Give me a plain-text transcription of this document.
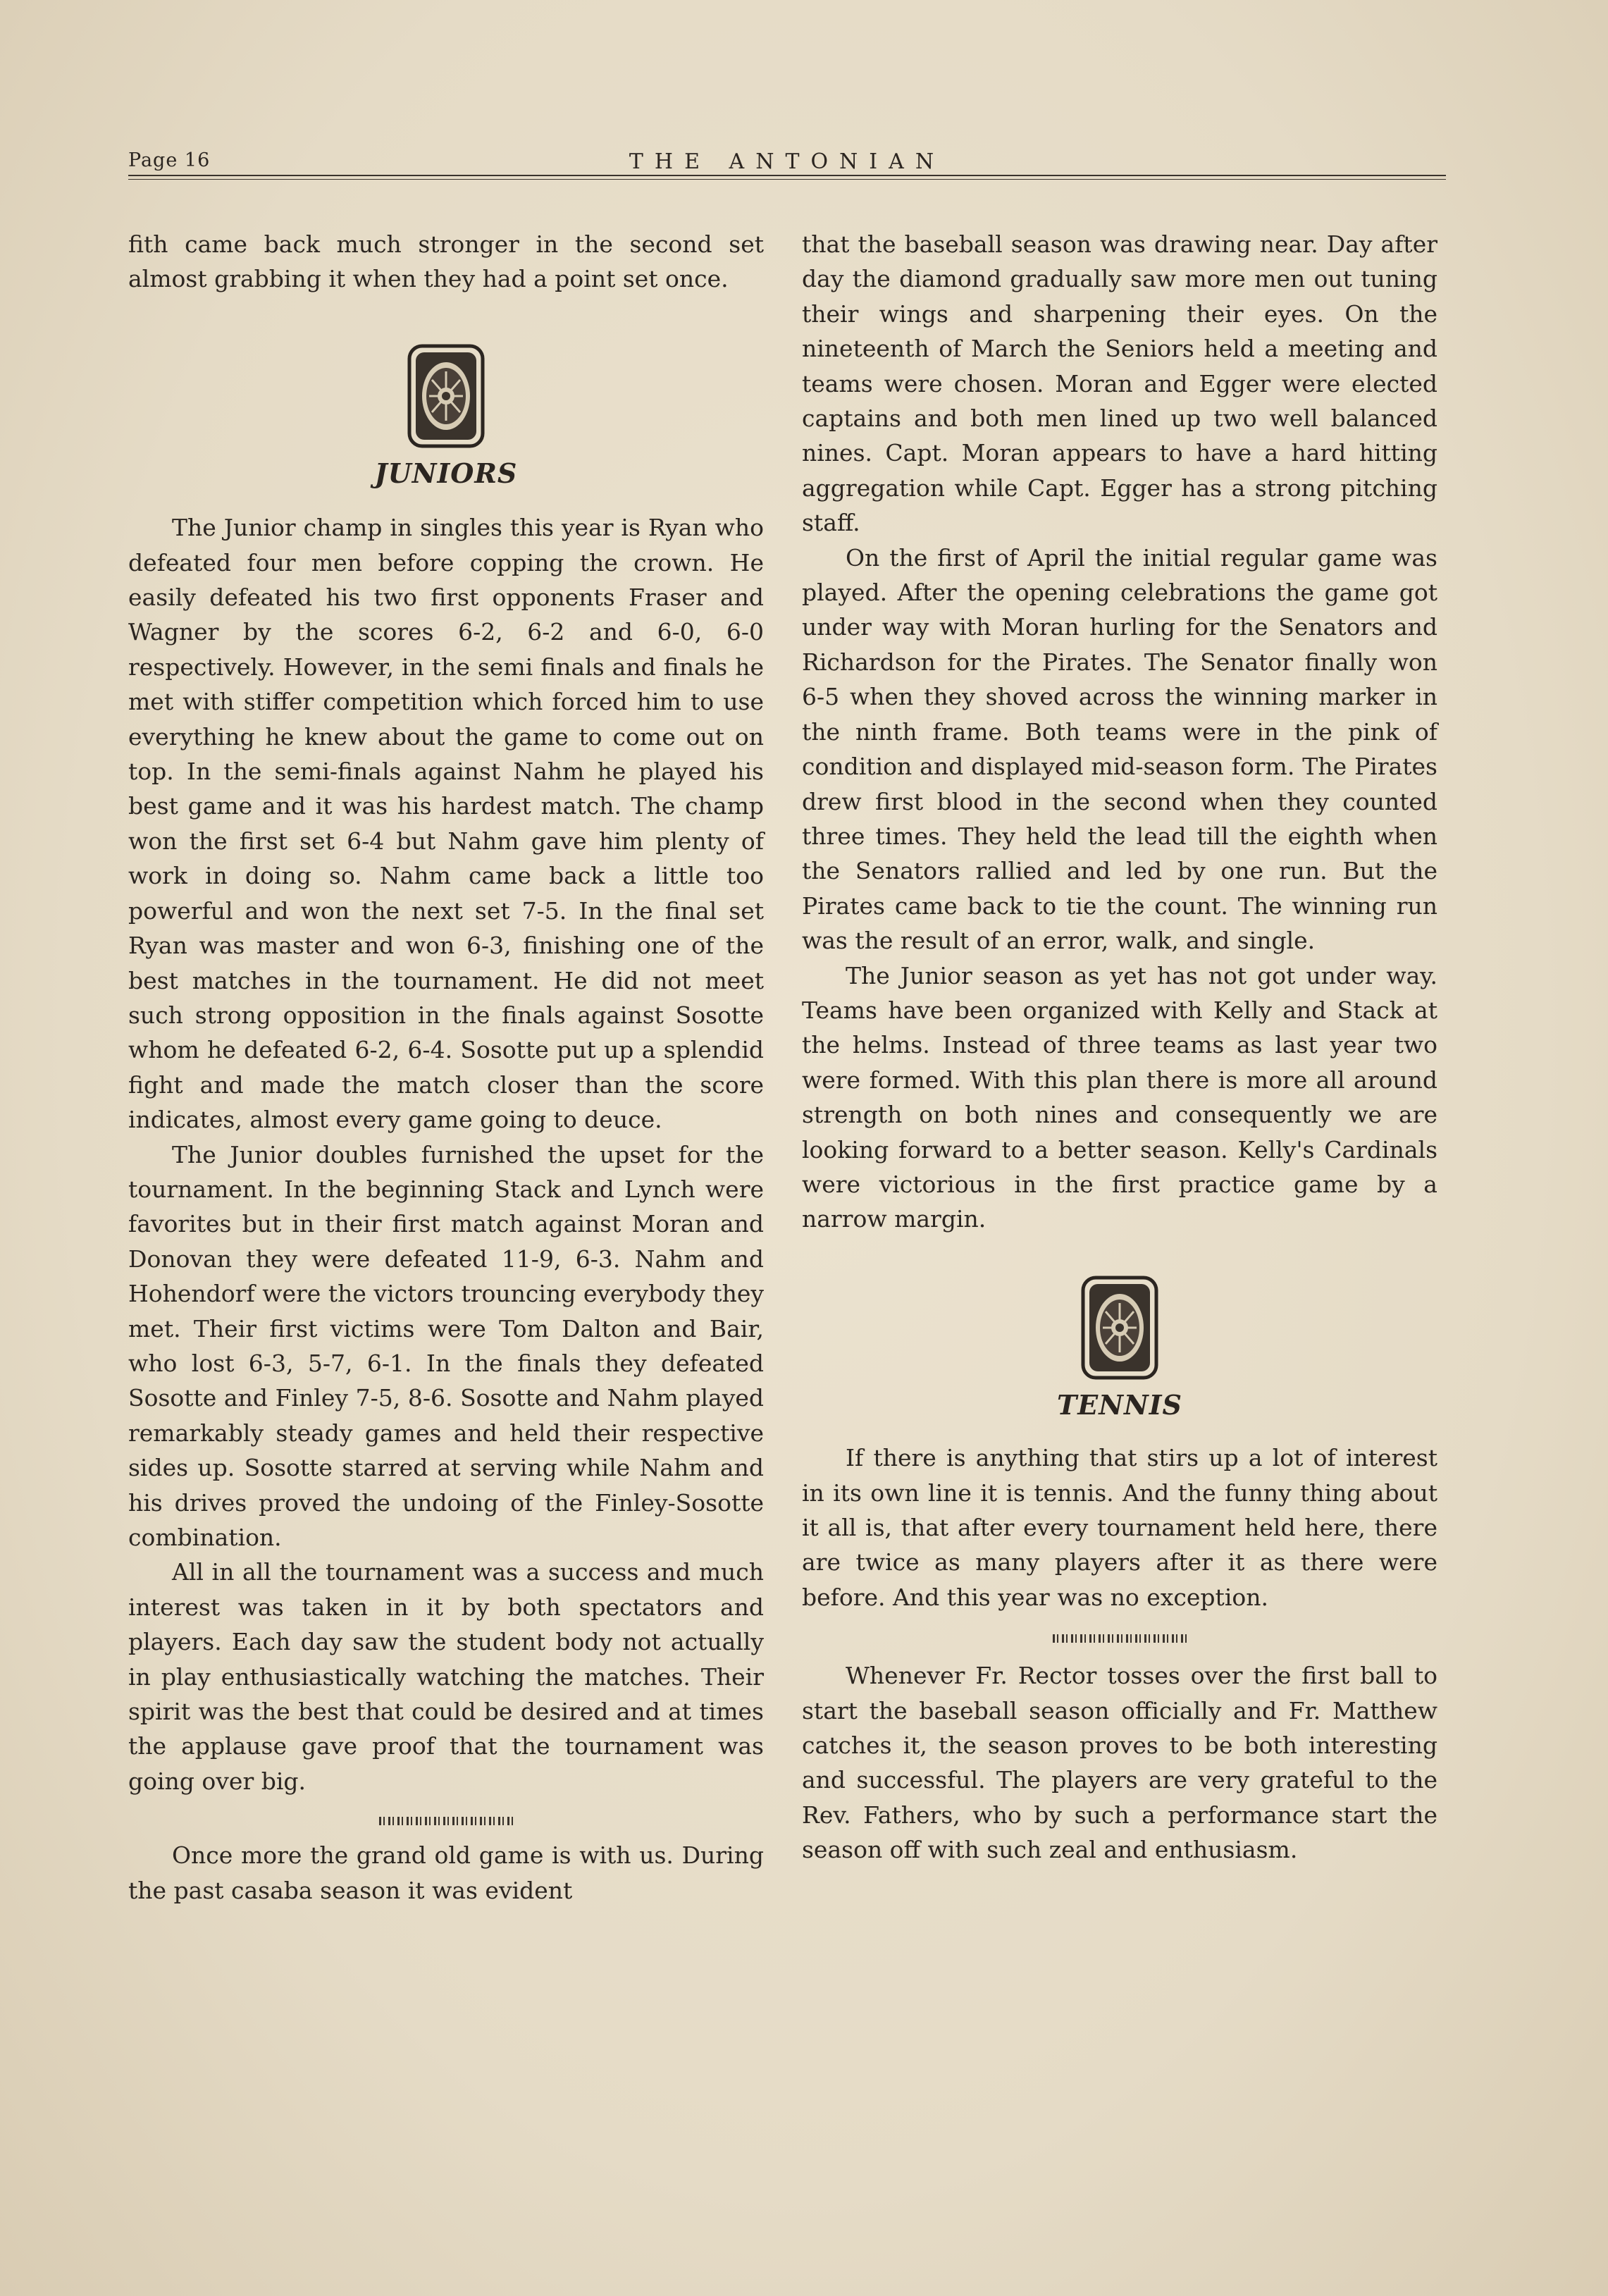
Page 16	THE ANTONIAN

fith came back much stronger in the second set almost grabbing it when they had a point set once.

JUNIORS

The Junior champ in singles this year is Ryan who defeated four men before copping the crown. He easily defeated his two first opponents Fraser and Wagner by the scores 6-2, 6-2 and 6-0, 6-0 respectively. However, in the semi finals and finals he met with stiffer competition which forced him to use everything he knew about the game to come out on top. In the semi-finals against Nahm he played his best game and it was his hardest match. The champ won the first set 6-4 but Nahm gave him plenty of work in doing so. Nahm came back a little too powerful and won the next set 7-5. In the final set Ryan was master and won 6-3, finishing one of the best matches in the tournament. He did not meet such strong opposition in the finals against Sosotte whom he defeated 6-2, 6-4. Sosotte put up a splendid fight and made the match closer than the score indicates, almost every game going to deuce.

The Junior doubles furnished the upset for the tournament. In the beginning Stack and Lynch were favorites but in their first match against Moran and Donovan they were defeated 11-9, 6-3. Nahm and Hohendorf were the victors trouncing everybody they met. Their first victims were Tom Dalton and Bair, who lost 6-3, 5-7, 6-1. In the finals they defeated Sosotte and Finley 7-5, 8-6. Sosotte and Nahm played remarkably steady games and held their respective sides up. Sosotte starred at serving while Nahm and his drives proved the undoing of the Finley-Sosotte combination.

All in all the tournament was a success and much interest was taken in it by both spectators and players. Each day saw the student body not actually in play enthusiastically watching the matches. Their spirit was the best that could be desired and at times the applause gave proof that the tournament was going over big.

Once more the grand old game is with us. During the past casaba season it was evident

that the baseball season was drawing near. Day after day the diamond gradually saw more men out tuning their wings and sharpening their eyes. On the nineteenth of March the Seniors held a meeting and teams were chosen. Moran and Egger were elected captains and both men lined up two well balanced nines. Capt. Moran appears to have a hard hitting aggregation while Capt. Egger has a strong pitching staff.

On the first of April the initial regular game was played. After the opening celebrations the game got under way with Moran hurling for the Senators and Richardson for the Pirates. The Senator finally won 6-5 when they shoved across the winning marker in the ninth frame. Both teams were in the pink of condition and displayed mid-season form. The Pirates drew first blood in the second when they counted three times. They held the lead till the eighth when the Senators rallied and led by one run. But the Pirates came back to tie the count. The winning run was the result of an error, walk, and single.

The Junior season as yet has not got under way. Teams have been organized with Kelly and Stack at the helms. Instead of three teams as last year two were formed. With this plan there is more all around strength on both nines and consequently we are looking forward to a better season. Kelly's Cardinals were victorious in the first practice game by a narrow margin.

TENNIS

If there is anything that stirs up a lot of interest in its own line it is tennis. And the funny thing about it all is, that after every tournament held here, there are twice as many players after it as there were before. And this year was no exception.

Whenever Fr. Rector tosses over the first ball to start the baseball season officially and Fr. Matthew catches it, the season proves to be both interesting and successful. The players are very grateful to the Rev. Fathers, who by such a performance start the season off with such zeal and enthusiasm.
